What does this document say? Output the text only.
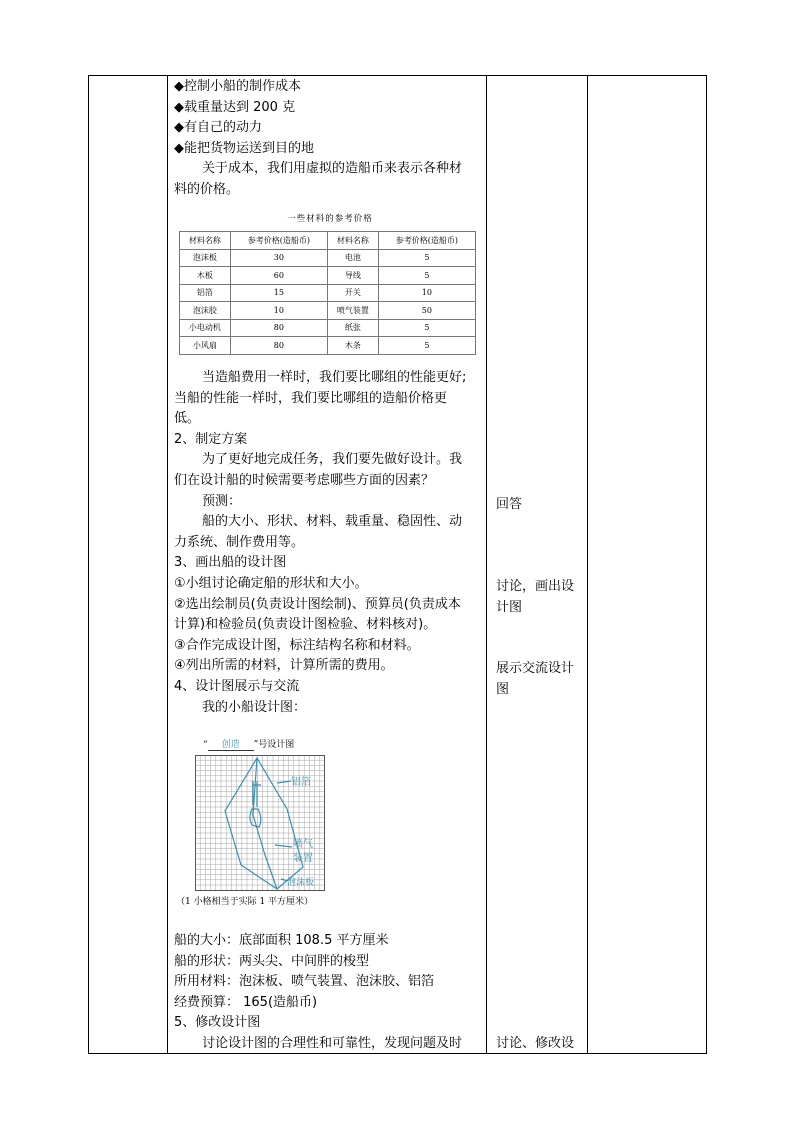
◆控制小船的制作成本
◆载重量达到 200 克
◆有自己的动力
◆能把货物运送到目的地
关于成本，我们用虚拟的造船币来表示各种材
料的价格。
一些材料的参考价格
材料名称	参考价格(造船币)	材料名称	参考价格(造船币)
泡沫板	30	电池	5
木板	60	导线	5
铝箔	15	开关	10
泡沫胶	10	喷气装置	50
小电动机	80	纸张	5
小风扇	80	木条	5
当造船费用一样时，我们要比哪组的性能更好;
当船的性能一样时，我们要比哪组的造船价格更
低。
2、制定方案
为了更好地完成任务，我们要先做好设计。我
们在设计船的时候需要考虑哪些方面的因素？
预测：
船的大小、形状、材料、载重量、稳固性、动
力系统、制作费用等。
3、画出船的设计图
①小组讨论确定船的形状和大小。
②选出绘制员(负责设计图绘制)、预算员(负责成本
计算)和检验员(负责设计图检验、材料核对)。
③合作完成设计图，标注结构名称和材料。
④列出所需的材料，计算所需的费用。
4、设计图展示与交流
我的小船设计图：
“ 创造 ”号设计图
铝箔
喷气
装置
泡沫板
（1 小格相当于实际 1 平方厘米）
船的大小：底部面积 108.5 平方厘米
船的形状：两头尖、中间胖的梭型
所用材料：泡沫板、喷气装置、泡沫胶、铝箔
经费预算： 165(造船币)
5、修改设计图
讨论设计图的合理性和可靠性，发现问题及时
回答
讨论，画出设
计图
展示交流设计
图
讨论、修改设
